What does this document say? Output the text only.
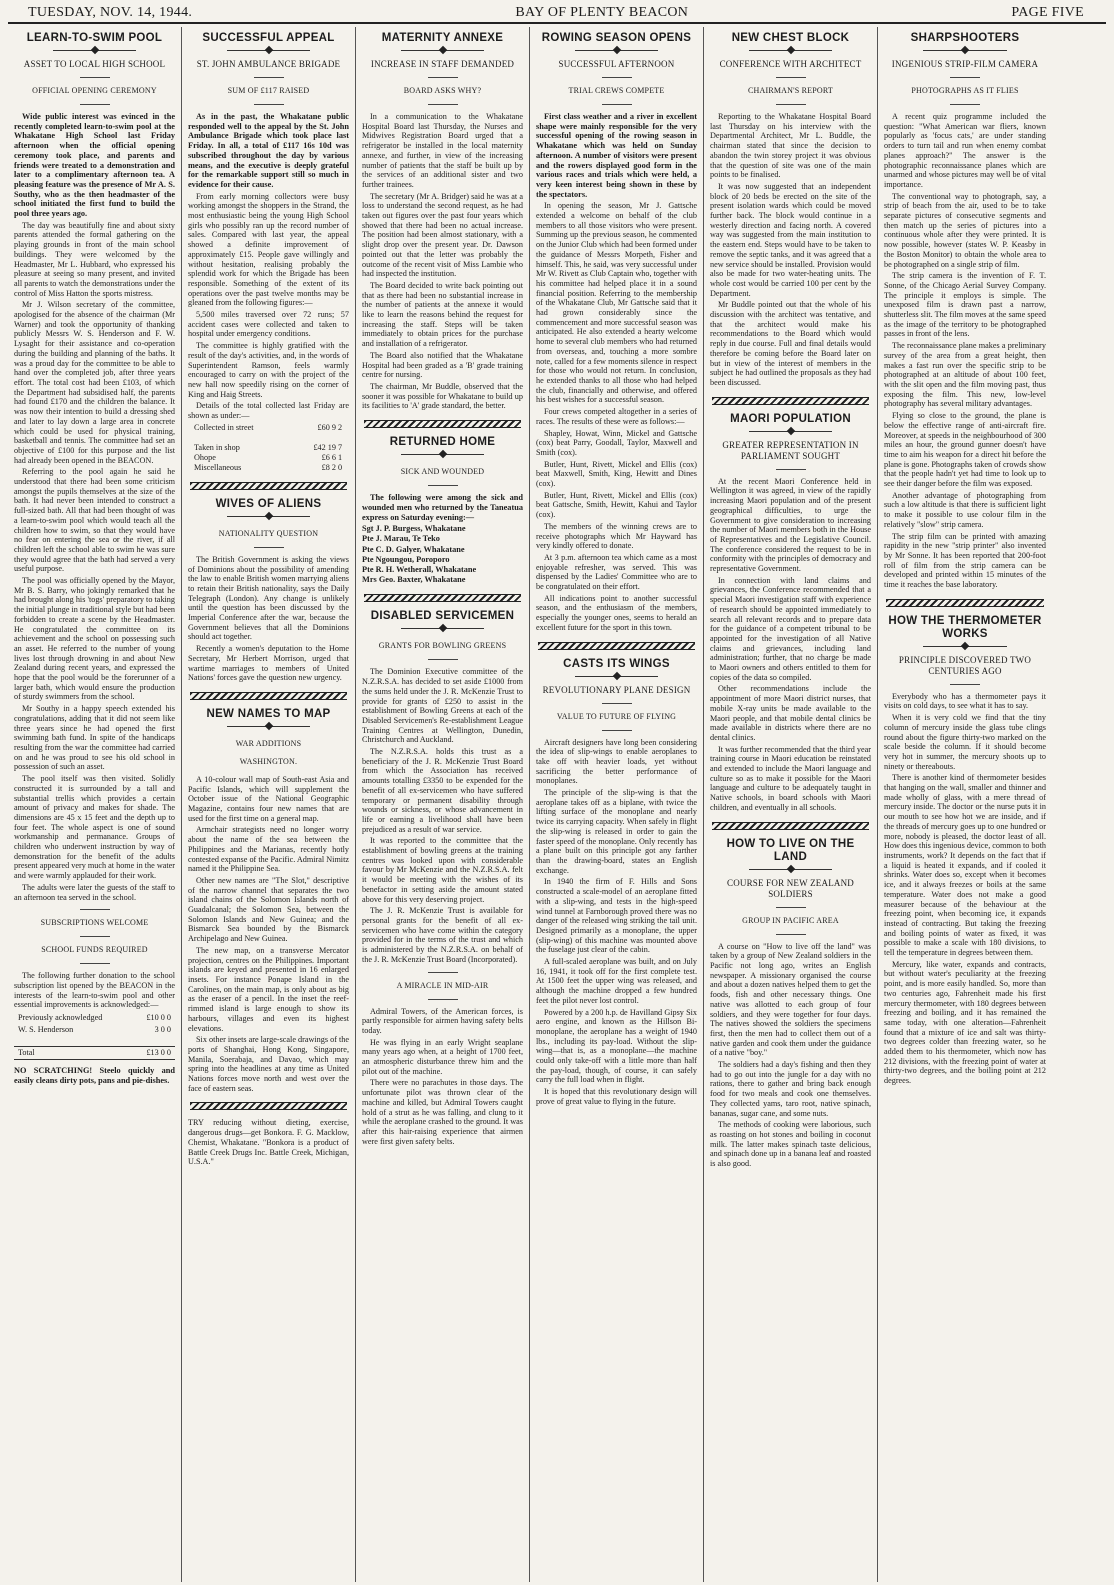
TUESDAY, NOV. 14, 1944.	BAY OF PLENTY BEACON	PAGE FIVE
LEARN-TO-SWIM POOL
ASSET TO LOCAL HIGH SCHOOL
OFFICIAL OPENING CEREMONY

Wide public interest was evinced in the recently completed learn-to-swim pool at the Whakatane High School last Friday afternoon when the official opening ceremony took place, and parents and friends were treated to a demonstration and later to a complimentary afternoon tea. A pleasing feature was the presence of Mr A. S. Southy, who as the then headmaster of the school initiated the first fund to build the pool three years ago.

The day was beautifully fine and about sixty parents attended the formal gathering on the playing grounds in front of the main school buildings. They were welcomed by the Headmaster, Mr L. Hubbard, who expressed his pleasure at seeing so many present, and invited all parents to watch the demonstrations under the control of Miss Hatton the sports mistress.

Mr J. Wilson secretary of the committee, apologised for the absence of the chairman (Mr Warner) and took the opportunity of thanking publicly Messrs W. S. Henderson and F. W. Lysaght for their assistance and co-operation during the building and planning of the baths. It was a proud day for the committee to be able to hand over the completed job, after three years effort. The total cost had been £103, of which the Department had subsidised half, the parents had found £170 and the children the balance. It was now their intention to build a dressing shed and later to lay down a large area in concrete which could be used for physical training, basketball and tennis. The committee had set an objective of £100 for this purpose and the list had already been opened in the BEACON.

Referring to the pool again he said he understood that there had been some criticism amongst the pupils themselves at the size of the bath. It had never been intended to construct a full-sized bath. All that had been thought of was a learn-to-swim pool which would teach all the children how to swim, so that they would have no fear on entering the sea or the river, if all children left the school able to swim he was sure they would agree that the bath had served a very useful purpose.

The pool was officially opened by the Mayor, Mr B. S. Barry, who jokingly remarked that he had brought along his 'togs' preparatory to taking the initial plunge in traditional style but had been forbidden to create a scene by the Headmaster. He congratulated the committee on its achievement and the school on possessing such an asset. He referred to the number of young lives lost through drowning in and about New Zealand during recent years, and expressed the hope that the pool would be the forerunner of a larger bath, which would ensure the production of sturdy swimmers from the school.

Mr Southy in a happy speech extended his congratulations, adding that it did not seem like three years since he had opened the first swimming bath fund. In spite of the handicaps resulting from the war the committee had carried on and he was proud to see his old school in possession of such an asset.

The pool itself was then visited. Solidly constructed it is surrounded by a tall and substantial trellis which provides a certain amount of privacy and makes for shade. The dimensions are 45 x 15 feet and the depth up to four feet. The whole aspect is one of sound workmanship and permanance. Groups of children who underwent instruction by way of demonstration for the benefit of the adults present appeared very much at home in the water and were warmly applauded for their work.

The adults were later the guests of the staff to an afternoon tea served in the school.

SUBSCRIPTIONS WELCOME
SCHOOL FUNDS REQUIRED

The following further donation to the school subscription list opened by the BEACON in the interests of the learn-to-swim pool and other essential improvements is acknowledged:—

Previously acknowledged	£10 0 0
W. S. Henderson	3 0 0
Total	£13 0 0

NO SCRATCHING! Steelo quickly and easily cleans dirty pots, pans and pie-dishes.

SUCCESSFUL APPEAL
ST. JOHN AMBULANCE BRIGADE
SUM OF £117 RAISED

As in the past, the Whakatane public responded well to the appeal by the St. John Ambulance Brigade which took place last Friday. In all, a total of £117 16s 10d was subscribed throughout the day by various means, and the executive is deeply grateful for the remarkable support still so much in evidence for their cause.

From early morning collectors were busy working amongst the shoppers in the Strand, the most enthusiastic being the young High School girls who possibly ran up the record number of sales. Compared with last year, the appeal showed a definite improvement of approximately £15. People gave willingly and without hesitation, realising probably the splendid work for which the Brigade has been responsible. Something of the extent of its operations over the past twelve months may be gleaned from the following figures:—

5,500 miles traversed over 72 runs; 57 accident cases were collected and taken to hospital under emergency conditions.

The committee is highly gratified with the result of the day's activities, and, in the words of Superintendent Ramson, feels warmly encouraged to carry on with the project of the new hall now speedily rising on the corner of King and Haig Streets.

Details of the total collected last Friday are shown as under:—

Collected in street	£60 9 2

Taken in shop	£42 19 7
Ohope	£6 6 1
Miscellaneous	£8 2 0
WIVES OF ALIENS
NATIONALITY QUESTION

The British Government is asking the views of Dominions about the possibility of amending the law to enable British women marrying aliens to retain their British nationality, says the Daily Telegraph (London). Any change is unlikely until the question has been discussed by the Imperial Conference after the war, because the Government believes that all the Dominions should act together.

Recently a women's deputation to the Home Secretary, Mr Herbert Morrison, urged that wartime marriages to members of United Nations' forces gave the question new urgency.

NEW NAMES TO MAP
WAR ADDITIONS
WASHINGTON.

A 10-colour wall map of South-east Asia and Pacific Islands, which will supplement the October issue of the National Geographic Magazine, contains four new names that are used for the first time on a general map.

Armchair strategists need no longer worry about the name of the sea between the Philippines and the Marianas, recently hotly contested expanse of the Pacific. Admiral Nimitz named it the Philippine Sea.

Other new names are "The Slot," descriptive of the narrow channel that separates the two island chains of the Solomon Islands north of Guadalcanal; the Solomon Sea, between the Solomon Islands and New Guinea; and the Bismarck Sea bounded by the Bismarck Archipelago and New Guinea.

The new map, on a transverse Mercator projection, centres on the Philippines. Important islands are keyed and presented in 16 enlarged insets. For instance Ponape Island in the Carolines, on the main map, is only about as big as the eraser of a pencil. In the inset the reef-rimmed island is large enough to show its harbours, villages and even its highest elevations.

Six other insets are large-scale drawings of the ports of Shanghai, Hong Kong, Singapore, Manila, Soerabaja, and Davao, which may spring into the headlines at any time as United Nations forces move north and west over the face of eastern seas.

TRY reducing without dieting, exercise, dangerous drugs—get Bonkora. F. G. Macklow, Chemist, Whakatane. "Bonkora is a product of Battle Creek Drugs Inc. Battle Creek, Michigan, U.S.A."

MATERNITY ANNEXE
INCREASE IN STAFF DEMANDED
BOARD ASKS WHY?

In a communication to the Whakatane Hospital Board last Thursday, the Nurses and Midwives Registration Board urged that a refrigerator be installed in the local maternity annexe, and further, in view of the increasing number of patients that the staff be built up by the services of an additional sister and two further trainees.

The secretary (Mr A. Bridger) said he was at a loss to understand the second request, as he had taken out figures over the past four years which showed that there had been no actual increase. The position had been almost stationary, with a slight drop over the present year. Dr. Dawson pointed out that the letter was probably the outcome of the recent visit of Miss Lambie who had inspected the institution.

The Board decided to write back pointing out that as there had been no substantial increase in the number of patients at the annexe it would like to learn the reasons behind the request for increasing the staff. Steps will be taken immediately to obtain prices for the purchase and installation of a refrigerator.

The Board also notified that the Whakatane Hospital had been graded as a 'B' grade training centre for nursing.

The chairman, Mr Buddle, observed that the sooner it was possible for Whakatane to build up its facilities to 'A' grade standard, the better.

RETURNED HOME
SICK AND WOUNDED

The following were among the sick and wounded men who returned by the Taneatua express on Saturday evening:—

Sgt J. P. Burgess, Whakatane
Pte J. Marau, Te Teko
Pte C. D. Galyer, Whakatane
Pte Ngoungou, Poroporo
Pte R. H. Wetherall, Whakatane
Mrs Geo. Baxter, Whakatane
DISABLED SERVICEMEN
GRANTS FOR BOWLING GREENS

The Dominion Executive committee of the N.Z.R.S.A. has decided to set aside £1000 from the sums held under the J. R. McKenzie Trust to provide for grants of £250 to assist in the establishment of Bowling Greens at each of the Disabled Servicemen's Re-establishment League Training Centres at Wellington, Dunedin, Christchurch and Auckland.

The N.Z.R.S.A. holds this trust as a beneficiary of the J. R. McKenzie Trust Board from which the Association has received amounts totalling £3350 to be expended for the benefit of all ex-servicemen who have suffered temporary or permanent disability through wounds or sickness, or whose advancement in life or earning a livelihood shall have been prejudiced as a result of war service.

It was reported to the committee that the establishment of bowling greens at the training centres was looked upon with considerable favour by Mr McKenzie and the N.Z.R.S.A. felt it would be meeting with the wishes of its benefactor in setting aside the amount stated above for this very deserving project.

The J. R. McKenzie Trust is available for personal grants for the benefit of all ex-servicemen who have come within the category provided for in the terms of the trust and which is administered by the N.Z.R.S.A. on behalf of the J. R. McKenzie Trust Board (Incorporated).

A MIRACLE IN MID-AIR

Admiral Towers, of the American forces, is partly responsible for airmen having safety belts today.

He was flying in an early Wright seaplane many years ago when, at a height of 1700 feet, an atmospheric disturbance threw him and the pilot out of the machine.

There were no parachutes in those days. The unfortunate pilot was thrown clear of the machine and killed, but Admiral Towers caught hold of a strut as he was falling, and clung to it while the aeroplane crashed to the ground. It was after this hair-raising experience that airmen were first given safety belts.

ROWING SEASON OPENS
SUCCESSFUL AFTERNOON
TRIAL CREWS COMPETE

First class weather and a river in excellent shape were mainly responsible for the very successful opening of the rowing season in Whakatane which was held on Sunday afternoon. A number of visitors were present and the rowers displayed good form in the various races and trials which were held, a very keen interest being shown in these by the spectators.

In opening the season, Mr J. Gattsche extended a welcome on behalf of the club members to all those visitors who were present. Summing up the previous season, he commented on the Junior Club which had been formed under the guidance of Messrs Morpeth, Fisher and himself. This, he said, was very successful under Mr W. Rivett as Club Captain who, together with his committee had helped place it in a sound financial position. Referring to the membership of the Whakatane Club, Mr Gattsche said that it had grown considerably since the commencement and more successful season was anticipated. He also extended a hearty welcome home to several club members who had returned from overseas, and, touching a more sombre note, called for a few moments silence in respect for those who would not return. In conclusion, he extended thanks to all those who had helped the club, financially and otherwise, and offered his best wishes for a successful season.

Four crews competed altogether in a series of races. The results of these were as follows:—

Shapley, Howat, Winn, Mickel and Gattsche (cox) beat Parry, Goodall, Taylor, Maxwell and Smith (cox).

Butler, Hunt, Rivett, Mickel and Ellis (cox) beat Maxwell, Smith, King, Hewitt and Dines (cox).

Butler, Hunt, Rivett, Mickel and Ellis (cox) beat Gattsche, Smith, Hewitt, Kahui and Taylor (cox).

The members of the winning crews are to receive photographs which Mr Hayward has very kindly offered to donate.

At 3 p.m. afternoon tea which came as a most enjoyable refresher, was served. This was dispensed by the Ladies' Committee who are to be congratulated on their effort.

All indications point to another successful season, and the enthusiasm of the members, especially the younger ones, seems to herald an excellent future for the sport in this town.

CASTS ITS WINGS
REVOLUTIONARY PLANE DESIGN
VALUE TO FUTURE OF FLYING

Aircraft designers have long been considering the idea of slip-wings to enable aeroplanes to take off with heavier loads, yet without sacrificing the better performance of monoplanes.

The principle of the slip-wing is that the aeroplane takes off as a biplane, with twice the lifting surface of the monoplane and nearly twice its carrying capacity. When safely in flight the slip-wing is released in order to gain the faster speed of the monoplane. Only recently has a plane built on this principle got any farther than the drawing-board, states an English exchange.

In 1940 the firm of F. Hills and Sons constructed a scale-model of an aeroplane fitted with a slip-wing, and tests in the high-speed wind tunnel at Farnborough proved there was no danger of the released wing striking the tail unit. Designed primarily as a monoplane, the upper (slip-wing) of this machine was mounted above the fuselage just clear of the cabin.

A full-scaled aeroplane was built, and on July 16, 1941, it took off for the first complete test. At 1500 feet the upper wing was released, and although the machine dropped a few hundred feet the pilot never lost control.

Powered by a 200 h.p. de Havilland Gipsy Six aero engine, and known as the Hillson Bi-monoplane, the aeroplane has a weight of 1940 lbs., including its pay-load. Without the slip-wing—that is, as a monoplane—the machine could only take-off with a little more than half the pay-load, though, of course, it can safely carry the full load when in flight.

It is hoped that this revolutionary design will prove of great value to flying in the future.

NEW CHEST BLOCK
CONFERENCE WITH ARCHITECT
CHAIRMAN'S REPORT

Reporting to the Whakatane Hospital Board last Thursday on his interview with the Departmental Architect, Mr L. Buddle, the chairman stated that since the decision to abandon the twin storey project it was obvious that the question of site was one of the main points to be finalised.

It was now suggested that an independent block of 20 beds be erected on the site of the present isolation wards which could be moved further back. The block would continue in a westerly direction and facing north. A covered way was suggested from the main institution to the eastern end. Steps would have to be taken to remove the septic tanks, and it was agreed that a new service should be installed. Provision would also be made for two water-heating units. The whole cost would be carried 100 per cent by the Department.

Mr Buddle pointed out that the whole of his discussion with the architect was tentative, and that the architect would make his recommendations to the Board which would reply in due course. Full and final details would therefore be coming before the Board later on but in view of the interest of members in the subject he had outlined the proposals as they had been discussed.

MAORI POPULATION
GREATER REPRESENTATION IN PARLIAMENT SOUGHT

At the recent Maori Conference held in Wellington it was agreed, in view of the rapidly increasing Maori population and of the present geographical difficulties, to urge the Government to give consideration to increasing the number of Maori members both in the House of Representatives and the Legislative Council. The conference considered the request to be in conformity with the principles of democracy and representative Government.

In connection with land claims and grievances, the Conference recommended that a special Maori investigation staff with experience of research should be appointed immediately to search all relevant records and to prepare data for the guidance of a competent tribunal to be appointed for the investigation of all Native claims and grievances, including land administration; further, that no charge be made to Maori owners and others entitled to them for copies of the data so compiled.

Other recommendations include the appointment of more Maori district nurses, that mobile X-ray units be made available to the Maori people, and that mobile dental clinics be made available in districts where there are no dental clinics.

It was further recommended that the third year training course in Maori education be reinstated and extended to include the Maori language and culture so as to make it possible for the Maori language and culture to be adequately taught in Native schools, in board schools with Maori children, and eventually in all schools.

HOW TO LIVE ON THE LAND
COURSE FOR NEW ZEALAND SOLDIERS
GROUP IN PACIFIC AREA

A course on "How to live off the land" was taken by a group of New Zealand soldiers in the Pacific not long ago, writes an English newspaper. A missionary organised the course and about a dozen natives helped them to get the foods, fish and other necessary things. One native was allotted to each group of four soldiers, and they were together for four days. The natives showed the soldiers the specimens first, then the men had to collect them out of a native garden and cook them under the guidance of a native "boy."

The soldiers had a day's fishing and then they had to go out into the jungle for a day with no rations, there to gather and bring back enough food for two meals and cook one themselves. They collected yams, taro root, native spinach, bananas, sugar cane, and some nuts.

The methods of cooking were laborious, such as roasting on hot stones and boiling in coconut milk. The latter makes spinach taste delicious, and spinach done up in a banana leaf and roasted is also good.

SHARPSHOOTERS
INGENIOUS STRIP-FILM CAMERA
PHOTOGRAPHS AS IT FLIES

A recent quiz programme included the question: "What American war fliers, known popularly as 'focus cats,' are under standing orders to turn tail and run when enemy combat planes approach?" The answer is the photographic reconnaissance planes which are unarmed and whose pictures may well be of vital importance.

The conventional way to photograph, say, a strip of beach from the air, used to be to take separate pictures of consecutive segments and then match up the series of pictures into a continuous whole after they were printed. It is now possible, however (states W. P. Keasby in the Boston Monitor) to obtain the whole area to be photographed on a single strip of film.

The strip camera is the invention of F. T. Sonne, of the Chicago Aerial Survey Company. The principle it employs is simple. The unexposed film is drawn past a narrow, shutterless slit. The film moves at the same speed as the image of the territory to be photographed passes in front of the lens.

The reconnaissance plane makes a preliminary survey of the area from a great height, then makes a fast run over the specific strip to be photographed at an altitude of about 100 feet, with the slit open and the film moving past, thus exposing the film. This new, low-level photography has several military advantages.

Flying so close to the ground, the plane is below the effective range of anti-aircraft fire. Moreover, at speeds in the neighbourhood of 300 miles an hour, the ground gunner doesn't have time to aim his weapon for a direct hit before the plane is gone. Photographs taken of crowds show that the people hadn't yet had time to look up to see their danger before the film was exposed.

Another advantage of photographing from such a low altitude is that there is sufficient light to make it possible to use colour film in the relatively "slow" strip camera.

The strip film can be printed with amazing rapidity in the new "strip printer" also invented by Mr Sonne. It has been reported that 200-foot roll of film from the strip camera can be developed and printed within 15 minutes of the time it reaches the base laboratory.

HOW THE THERMOMETER WORKS
PRINCIPLE DISCOVERED TWO CENTURIES AGO

Everybody who has a thermometer pays it visits on cold days, to see what it has to say.

When it is very cold we find that the tiny column of mercury inside the glass tube clings round about the figure thirty-two marked on the scale beside the column. If it should become very hot in summer, the mercury shoots up to ninety or thereabouts.

There is another kind of thermometer besides that hanging on the wall, smaller and thinner and made wholly of glass, with a mere thread of mercury inside. The doctor or the nurse puts it in our mouth to see how hot we are inside, and if the threads of mercury goes up to one hundred or more, nobody is pleased, the doctor least of all. How does this ingenious device, common to both instruments, work? It depends on the fact that if a liquid is heated it expands, and if cooled it shrinks. Water does so, except when it becomes ice, and it always freezes or boils at the same temperature. Water does not make a good measurer because of the behaviour at the freezing point, when becoming ice, it expands instead of contracting. But taking the freezing and boiling points of water as fixed, it was possible to make a scale with 180 divisions, to tell the temperature in degrees between them.

Mercury, like water, expands and contracts, but without water's peculiarity at the freezing point, and is more easily handled. So, more than two centuries ago, Fahrenheit made his first mercury thermometer, with 180 degrees between freezing and boiling, and it has remained the same today, with one alteration—Fahrenheit found that a mixture of ice and salt was thirty-two degrees colder than freezing water, so he added them to his thermometer, which now has 212 divisions, with the freezing point of water at thirty-two degrees, and the boiling point at 212 degrees.
